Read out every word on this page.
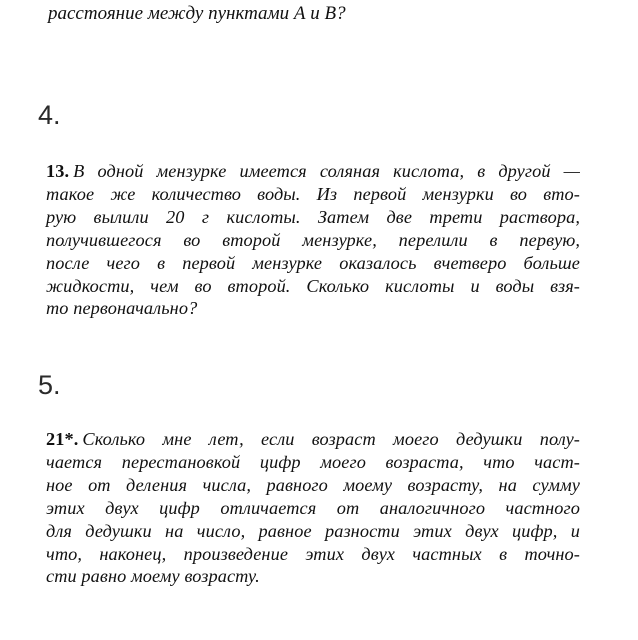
расстояние между пунктами А и В?
4.
13. В одной мензурке имеется соляная кислота, в другой —
такое же количество воды. Из первой мензурки во вто-
рую вылили 20 г кислоты. Затем две трети раствора,
получившегося во второй мензурке, перелили в первую,
после чего в первой мензурке оказалось вчетверо больше
жидкости, чем во второй. Сколько кислоты и воды взя-
то первоначально?
5.
21*. Сколько мне лет, если возраст моего дедушки полу-
чается перестановкой цифр моего возраста, что част-
ное от деления числа, равного моему возрасту, на сумму
этих двух цифр отличается от аналогичного частного
для дедушки на число, равное разности этих двух цифр, и
что, наконец, произведение этих двух частных в точно-
сти равно моему возрасту.
